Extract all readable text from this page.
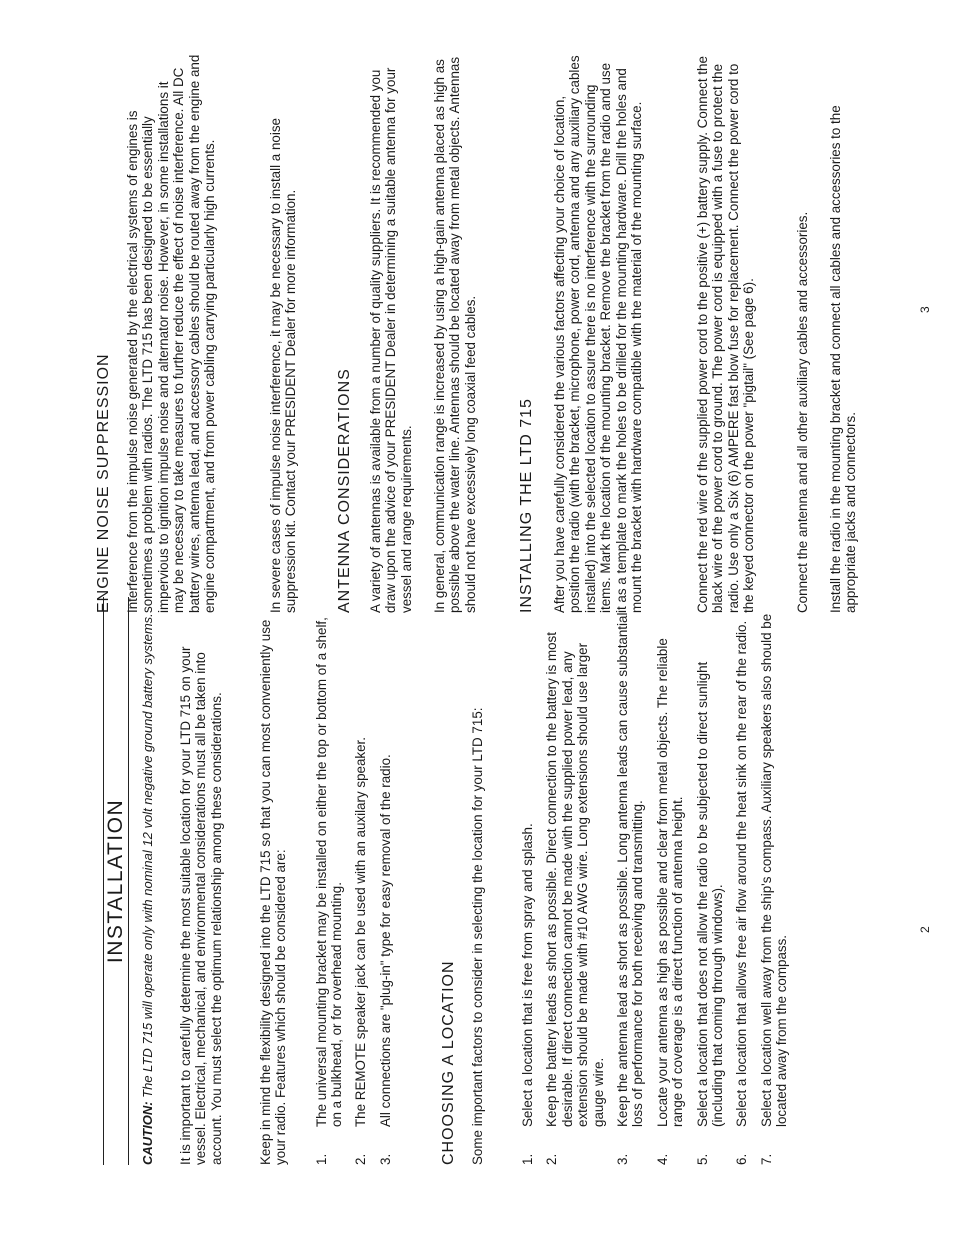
INSTALLATION
CAUTION: The LTD 715 will operate only with nominal 12 volt negative ground battery systems. It is important to carefully determine the most suitable location for your LTD 715 on your vessel. Electrical, mechanical, and environmental considerations must all be taken into account. You must select the optimum relationship among these considerations.	Keep in mind the flexibility designed into the LTD 715 so that you can most conveniently use your radio. Features which should be considered are: 1.
The universal mounting bracket may be installed on either the top or bottom of a shelf, on a bulkhead, or for overhead mounting.
2.
The REMOTE speaker jack can be used with an auxilary speaker.
3.
All connections are "plug-in" type for easy removal of the radio.	CHOOSING A LOCATION Some important factors to consider in selecting the location for your LTD 715:	1.
Select a location that is free from spray and splash.
2.
Keep the battery leads as short as possible. Direct connection to the battery is most desirable. If direct connection cannot be made with the supplied power lead, any extension should be made with #10 AWG wire. Long extensions should use larger gauge wire.
3.
Keep the antenna lead as short as possible. Long antenna leads can cause substantial loss of performance for both receiving and transmitting.
4.
Locate your antenna as high as possible and clear from metal objects. The reliable range of coverage is a direct function of antenna height.
5.
Select a location that does not allow the radio to be subjected to direct sunlight (including that coming through windows).
6.
Select a location that allows free air flow around the heat sink on the rear of the radio.
7.
Select a location well away from the ship's compass. Auxiliary speakers also should be located away from the compass.
2
ENGINE NOISE SUPPRESSION Interference from the impulse noise generated by the electrical systems of engines is sometimes a problem with radios. The LTD 715 has been designed to be essentially impervious to ignition impulse noise and alternator noise. However, in some installations it may be necessary to take measures to further reduce the effect of noise interference. All DC battery wires, antenna lead, and accessory cables should be routed away from the engine and engine compartment, and from power cabling carrying particularly high currents.	In severe cases of impulse noise interference, it may be necessary to install a noise suppression kit. Contact your PRESIDENT Dealer for more information. ANTENNA CONSIDERATIONS A variety of antennas is available from a number of quality suppliers. It is recommended you draw upon the advice of your PRESIDENT Dealer in determining a suitable antenna for your vessel and range requirements. In general, communication range is increased by using a high-gain antenna placed as high as possible above the water line. Antennas should be located away from metal objects. Antennas should not have excessively long coaxial feed cables.	INSTALLING THE LTD 715 After you have carefully considered the various factors affecting your choice of location, position the radio (with the bracket, microphone, power cord, antenna and any auxiliary cables installed) into the selected location to assure there is no interference with the surrounding items. Mark the location of the mounting bracket. Remove the bracket from the radio and use it as a template to mark the holes to be drilled for the mounting hardware. Drill the holes and mount the bracket with hardware compatible with the material of the mounting surface.	Connect the red wire of the supplied power cord to the positive (+) battery supply. Connect the black wire of the power cord to ground. The power cord is equipped with a fuse to protect the radio. Use only a Six (6) AMPERE fast blow fuse for replacement. Connect the power cord to the keyed connector on the power "pigtail" (See page 6).	Connect the antenna and all other auxiliary cables and accessories. Install the radio in the mounting bracket and connect all cables and accessories to the appropriate jacks and connectors.

3
